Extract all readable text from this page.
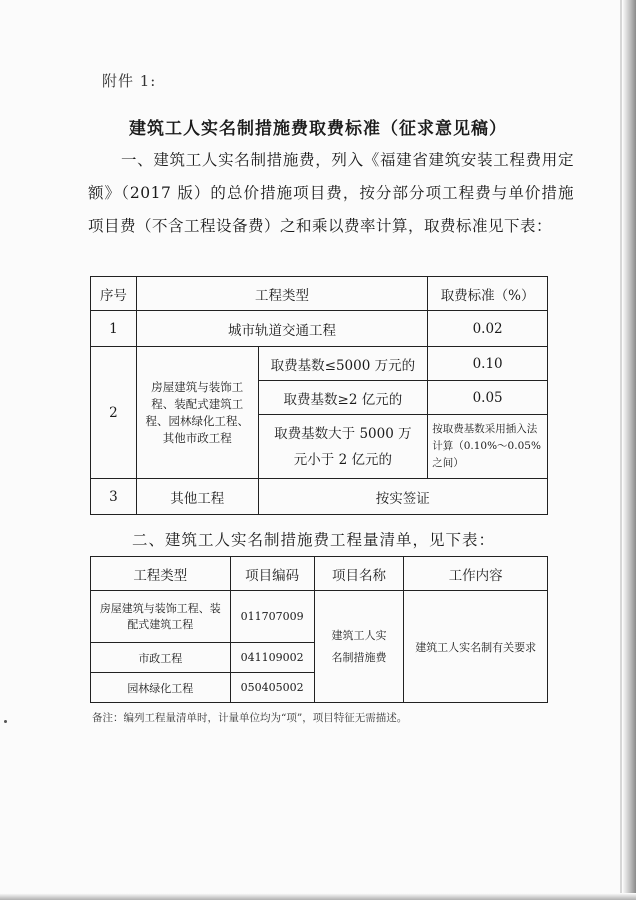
附件 1:
建筑工人实名制措施费取费标准（征求意见稿）
一、建筑工人实名制措施费，列入《福建省建筑安装工程费用定额》（2017 版）的总价措施项目费，按分部分项工程费与单价措施项目费（不含工程设备费）之和乘以费率计算，取费标准见下表：
序号	工程类型		取费标准（%）
1	城市轨道交通工程		0.02
2	房屋建筑与装饰工程、装配式建筑工程、园林绿化工程、其他市政工程	取费基数≤5000 万元的	0.10
		取费基数≥2 亿元的	0.05
		取费基数大于 5000 万元小于 2 亿元的	按取费基数采用插入法计算（0.10%～0.05%之间）
3	其他工程	按实签证	
二、建筑工人实名制措施费工程量清单，见下表：
工程类型	项目编码	项目名称	工作内容
房屋建筑与装饰工程、装配式建筑工程	011707009	建筑工人实名制措施费	建筑工人实名制有关要求
市政工程	041109002		
园林绿化工程	050405002		
备注：编列工程量清单时，计量单位均为“项”，项目特征无需描述。
